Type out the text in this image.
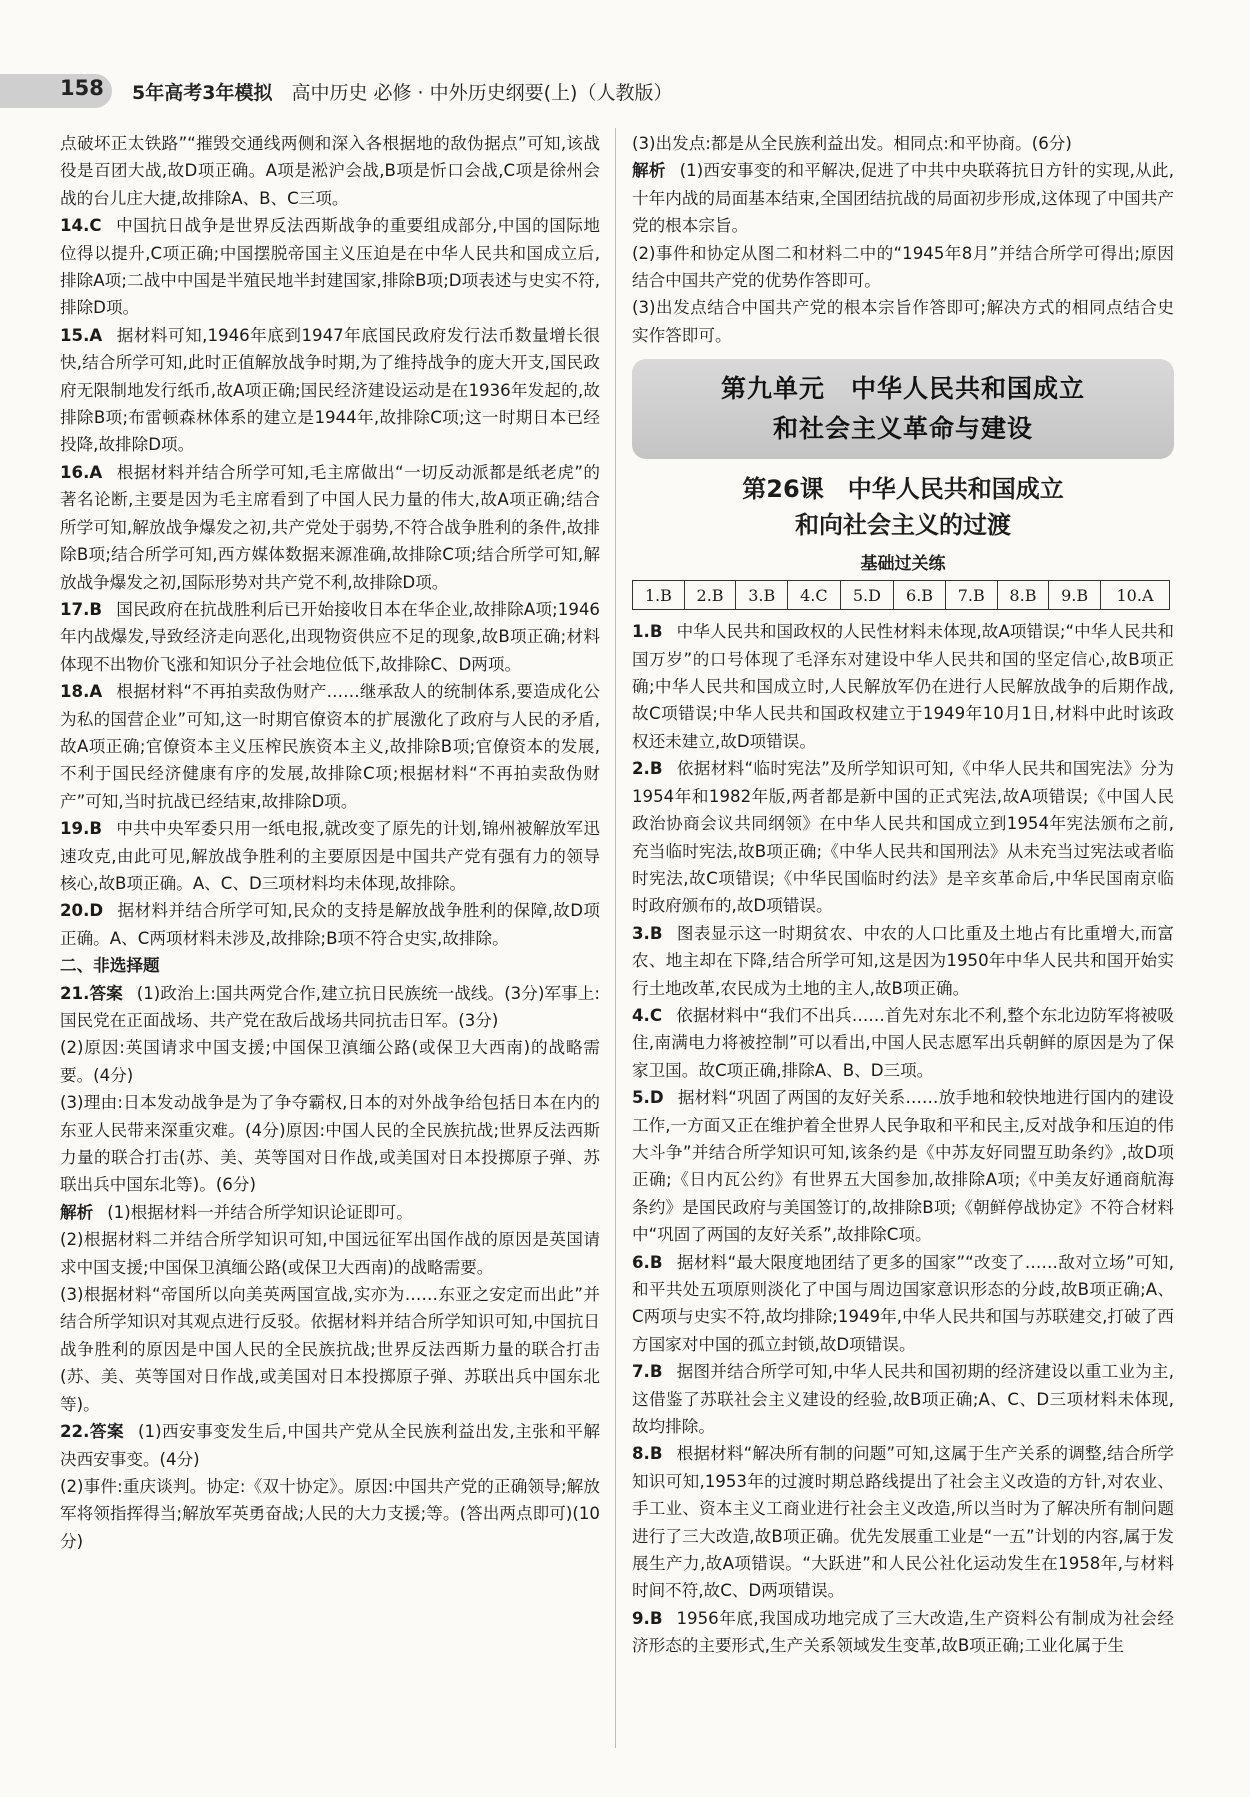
158 5年高考3年模拟　 高中历史 必修 · 中外历史纲要(上)（人教版）

点破坏正太铁路”“摧毁交通线两侧和深入各根据地的敌伪据点”可知,该战役是百团大战,故D项正确。A项是淞沪会战,B项是忻口会战,C项是徐州会战的台儿庄大捷,故排除A、B、C三项。

14.C 中国抗日战争是世界反法西斯战争的重要组成部分,中国的国际地位得以提升,C项正确;中国摆脱帝国主义压迫是在中华人民共和国成立后,排除A项;二战中中国是半殖民地半封建国家,排除B项;D项表述与史实不符,排除D项。

15.A 据材料可知,1946年底到1947年底国民政府发行法币数量增长很快,结合所学可知,此时正值解放战争时期,为了维持战争的庞大开支,国民政府无限制地发行纸币,故A项正确;国民经济建设运动是在1936年发起的,故排除B项;布雷顿森林体系的建立是1944年,故排除C项;这一时期日本已经投降,故排除D项。

16.A 根据材料并结合所学可知,毛主席做出“一切反动派都是纸老虎”的著名论断,主要是因为毛主席看到了中国人民力量的伟大,故A项正确;结合所学可知,解放战争爆发之初,共产党处于弱势,不符合战争胜利的条件,故排除B项;结合所学可知,西方媒体数据来源准确,故排除C项;结合所学可知,解放战争爆发之初,国际形势对共产党不利,故排除D项。

17.B 国民政府在抗战胜利后已开始接收日本在华企业,故排除A项;1946年内战爆发,导致经济走向恶化,出现物资供应不足的现象,故B项正确;材料体现不出物价飞涨和知识分子社会地位低下,故排除C、D两项。

18.A 根据材料“不再拍卖敌伪财产……继承敌人的统制体系,要造成化公为私的国营企业”可知,这一时期官僚资本的扩展激化了政府与人民的矛盾,故A项正确;官僚资本主义压榨民族资本主义,故排除B项;官僚资本的发展,不利于国民经济健康有序的发展,故排除C项;根据材料“不再拍卖敌伪财产”可知,当时抗战已经结束,故排除D项。

19.B 中共中央军委只用一纸电报,就改变了原先的计划,锦州被解放军迅速攻克,由此可见,解放战争胜利的主要原因是中国共产党有强有力的领导核心,故B项正确。A、C、D三项材料均未体现,故排除。

20.D 据材料并结合所学可知,民众的支持是解放战争胜利的保障,故D项正确。A、C两项材料未涉及,故排除;B项不符合史实,故排除。

二、非选择题

21.答案 (1)政治上:国共两党合作,建立抗日民族统一战线。(3分)军事上:国民党在正面战场、共产党在敌后战场共同抗击日军。(3分)

(2)原因:英国请求中国支援;中国保卫滇缅公路(或保卫大西南)的战略需要。(4分)

(3)理由:日本发动战争是为了争夺霸权,日本的对外战争给包括日本在内的东亚人民带来深重灾难。(4分)原因:中国人民的全民族抗战;世界反法西斯力量的联合打击(苏、美、英等国对日作战,或美国对日本投掷原子弹、苏联出兵中国东北等)。(6分)

解析 (1)根据材料一并结合所学知识论证即可。

(2)根据材料二并结合所学知识可知,中国远征军出国作战的原因是英国请求中国支援;中国保卫滇缅公路(或保卫大西南)的战略需要。

(3)根据材料“帝国所以向美英两国宣战,实亦为……东亚之安定而出此”并结合所学知识对其观点进行反驳。依据材料并结合所学知识可知,中国抗日战争胜利的原因是中国人民的全民族抗战;世界反法西斯力量的联合打击(苏、美、英等国对日作战,或美国对日本投掷原子弹、苏联出兵中国东北等)。

22.答案 (1)西安事变发生后,中国共产党从全民族利益出发,主张和平解决西安事变。(4分)

(2)事件:重庆谈判。协定:《双十协定》。原因:中国共产党的正确领导;解放军将领指挥得当;解放军英勇奋战;人民的大力支援;等。(答出两点即可)(10分)

(3)出发点:都是从全民族利益出发。相同点:和平协商。(6分)

解析 (1)西安事变的和平解决,促进了中共中央联蒋抗日方针的实现,从此,十年内战的局面基本结束,全国团结抗战的局面初步形成,这体现了中国共产党的根本宗旨。

(2)事件和协定从图二和材料二中的“1945年8月”并结合所学可得出;原因结合中国共产党的优势作答即可。

(3)出发点结合中国共产党的根本宗旨作答即可;解决方式的相同点结合史实作答即可。

第九单元　中华人民共和国成立
和社会主义革命与建设
第26课　中华人民共和国成立
和向社会主义的过渡
基础过关练
1.B	2.B	3.B	4.C	5.D	6.B	7.B	8.B	9.B	10.A

1.B 中华人民共和国政权的人民性材料未体现,故A项错误;“中华人民共和国万岁”的口号体现了毛泽东对建设中华人民共和国的坚定信心,故B项正确;中华人民共和国成立时,人民解放军仍在进行人民解放战争的后期作战,故C项错误;中华人民共和国政权建立于1949年10月1日,材料中此时该政权还未建立,故D项错误。

2.B 依据材料“临时宪法”及所学知识可知,《中华人民共和国宪法》分为1954年和1982年版,两者都是新中国的正式宪法,故A项错误;《中国人民政治协商会议共同纲领》在中华人民共和国成立到1954年宪法颁布之前,充当临时宪法,故B项正确;《中华人民共和国刑法》从未充当过宪法或者临时宪法,故C项错误;《中华民国临时约法》是辛亥革命后,中华民国南京临时政府颁布的,故D项错误。

3.B 图表显示这一时期贫农、中农的人口比重及土地占有比重增大,而富农、地主却在下降,结合所学可知,这是因为1950年中华人民共和国开始实行土地改革,农民成为土地的主人,故B项正确。

4.C 依据材料中“我们不出兵……首先对东北不利,整个东北边防军将被吸住,南满电力将被控制”可以看出,中国人民志愿军出兵朝鲜的原因是为了保家卫国。故C项正确,排除A、B、D三项。

5.D 据材料“巩固了两国的友好关系……放手地和较快地进行国内的建设工作,一方面又正在维护着全世界人民争取和平和民主,反对战争和压迫的伟大斗争”并结合所学知识可知,该条约是《中苏友好同盟互助条约》,故D项正确;《日内瓦公约》有世界五大国参加,故排除A项;《中美友好通商航海条约》是国民政府与美国签订的,故排除B项;《朝鲜停战协定》不符合材料中“巩固了两国的友好关系”,故排除C项。

6.B 据材料“最大限度地团结了更多的国家”“改变了……敌对立场”可知,和平共处五项原则淡化了中国与周边国家意识形态的分歧,故B项正确;A、C两项与史实不符,故均排除;1949年,中华人民共和国与苏联建交,打破了西方国家对中国的孤立封锁,故D项错误。

7.B 据图并结合所学可知,中华人民共和国初期的经济建设以重工业为主,这借鉴了苏联社会主义建设的经验,故B项正确;A、C、D三项材料未体现,故均排除。

8.B 根据材料“解决所有制的问题”可知,这属于生产关系的调整,结合所学知识可知,1953年的过渡时期总路线提出了社会主义改造的方针,对农业、手工业、资本主义工商业进行社会主义改造,所以当时为了解决所有制问题进行了三大改造,故B项正确。优先发展重工业是“一五”计划的内容,属于发展生产力,故A项错误。“大跃进”和人民公社化运动发生在1958年,与材料时间不符,故C、D两项错误。

9.B 1956年底,我国成功地完成了三大改造,生产资料公有制成为社会经济形态的主要形式,生产关系领域发生变革,故B项正确;工业化属于生
